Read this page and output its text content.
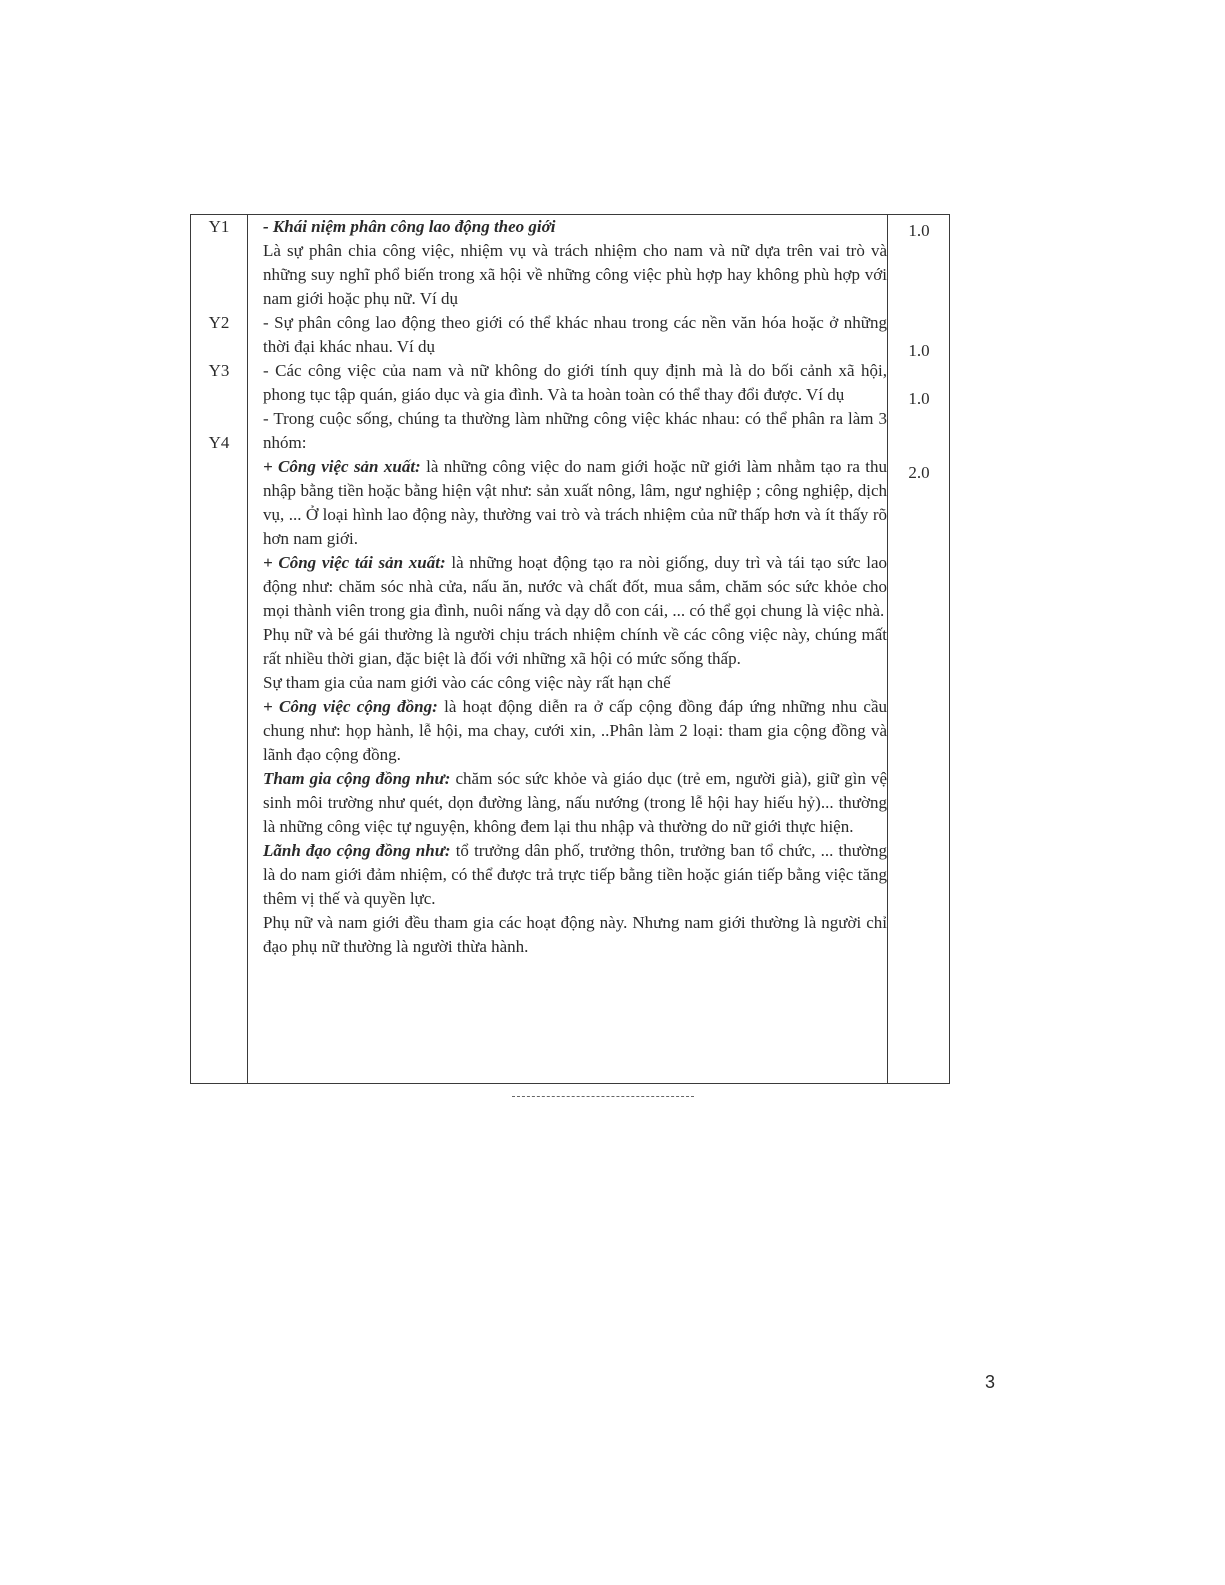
Y1
Y2
Y3
Y4
1.0
1.0
1.0
2.0

- Khái niệm phân công lao động theo giới

Là sự phân chia công việc, nhiệm vụ và trách nhiệm cho nam và nữ dựa trên vai trò và những suy nghĩ phổ biến trong xã hội về những công việc phù hợp hay không phù hợp với nam giới hoặc phụ nữ. Ví dụ

- Sự phân công lao động theo giới có thể khác nhau trong các nền văn hóa hoặc ở những thời đại khác nhau. Ví dụ

- Các công việc của nam và nữ không do giới tính quy định mà là do bối cảnh xã hội, phong tục tập quán, giáo dục và gia đình. Và ta hoàn toàn có thể thay đổi được. Ví dụ

- Trong cuộc sống, chúng ta thường làm những công việc khác nhau: có thể phân ra làm 3 nhóm:

+ Công việc sản xuất: là những công việc do nam giới hoặc nữ giới làm nhằm tạo ra thu nhập bằng tiền hoặc bằng hiện vật như: sản xuất nông, lâm, ngư nghiệp ; công nghiệp, dịch vụ, ... Ở loại hình lao động này, thường vai trò và trách nhiệm của nữ thấp hơn và ít thấy rõ hơn nam giới.

+ Công việc tái sản xuất: là những hoạt động tạo ra nòi giống, duy trì và tái tạo sức lao động như: chăm sóc nhà cửa, nấu ăn, nước và chất đốt, mua sắm, chăm sóc sức khỏe cho mọi thành viên trong gia đình, nuôi nấng và dạy dỗ con cái, ... có thể gọi chung là việc nhà.

Phụ nữ và bé gái thường là người chịu trách nhiệm chính về các công việc này, chúng mất rất nhiều thời gian, đặc biệt là đối với những xã hội có mức sống thấp.

Sự tham gia của nam giới vào các công việc này rất hạn chế

+ Công việc cộng đồng: là hoạt động diễn ra ở cấp cộng đồng đáp ứng những nhu cầu chung như: họp hành, lễ hội, ma chay, cưới xin, ..Phân làm 2 loại: tham gia cộng đồng và lãnh đạo cộng đồng.

Tham gia cộng đồng như: chăm sóc sức khỏe và giáo dục (trẻ em, người già), giữ gìn vệ sinh môi trường như quét, dọn đường làng, nấu nướng (trong lễ hội hay hiếu hỷ)... thường là những công việc tự nguyện, không đem lại thu nhập và thường do nữ giới thực hiện.

Lãnh đạo cộng đồng như: tổ trưởng dân phố, trưởng thôn, trưởng ban tổ chức, ... thường là do nam giới đảm nhiệm, có thể được trả trực tiếp bằng tiền hoặc gián tiếp bằng việc tăng thêm vị thế và quyền lực.

Phụ nữ và nam giới đều tham gia các hoạt động này. Nhưng nam giới thường là người chỉ đạo phụ nữ thường là người thừa hành.

3
